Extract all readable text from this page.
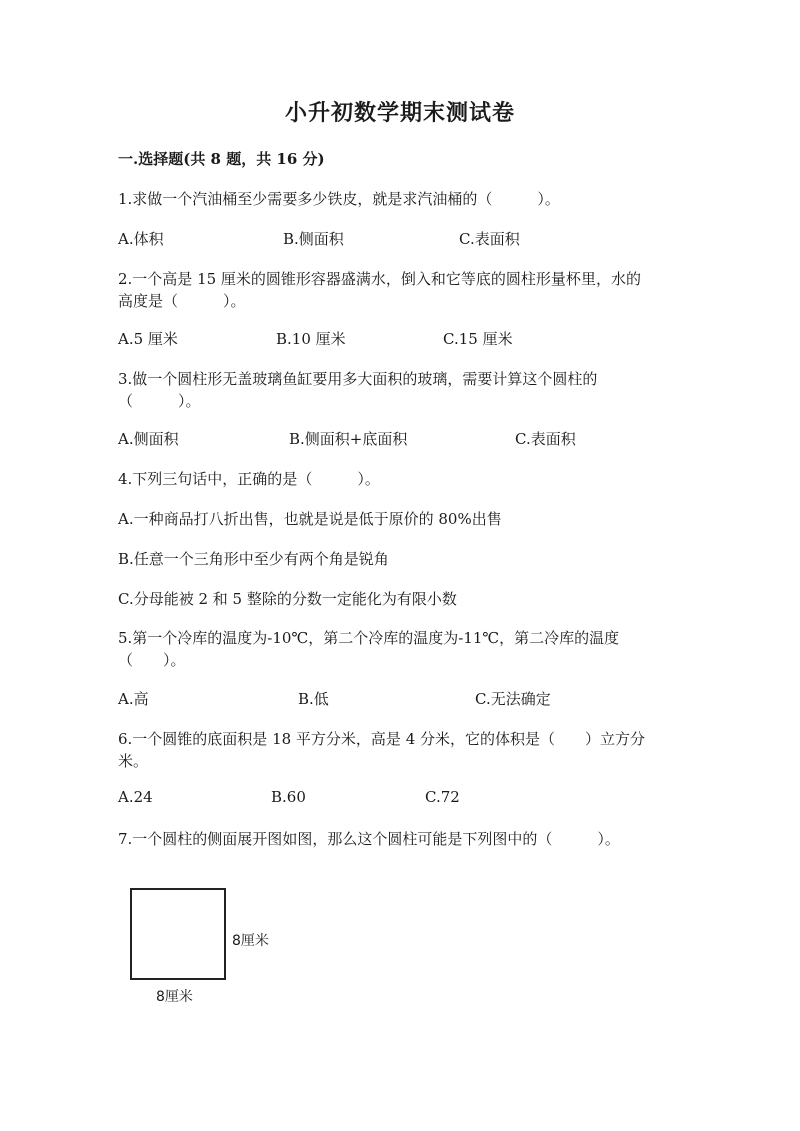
小升初数学期末测试卷
一.选择题(共 8 题，共 16 分)
1.求做一个汽油桶至少需要多少铁皮，就是求汽油桶的（　　　）。
A.体积	B.侧面积	C.表面积
2.一个高是 15 厘米的圆锥形容器盛满水，倒入和它等底的圆柱形量杯里，水的
高度是（　　　）。
A.5 厘米	B.10 厘米	C.15 厘米
3.做一个圆柱形无盖玻璃鱼缸要用多大面积的玻璃，需要计算这个圆柱的
（　　　）。
A.侧面积	B.侧面积+底面积	C.表面积
4.下列三句话中，正确的是（　　　）。
A.一种商品打八折出售，也就是说是低于原价的 80%出售
B.任意一个三角形中至少有两个角是锐角
C.分母能被 2 和 5 整除的分数一定能化为有限小数
5.第一个冷库的温度为-10℃，第二个冷库的温度为-11℃，第二冷库的温度
（　　）。
A.高	B.低	C.无法确定
6.一个圆锥的底面积是 18 平方分米，高是 4 分米，它的体积是（　　）立方分
米。
A.24	B.60	C.72
7.一个圆柱的侧面展开图如图，那么这个圆柱可能是下列图中的（　　　）。
8厘米
8厘米
